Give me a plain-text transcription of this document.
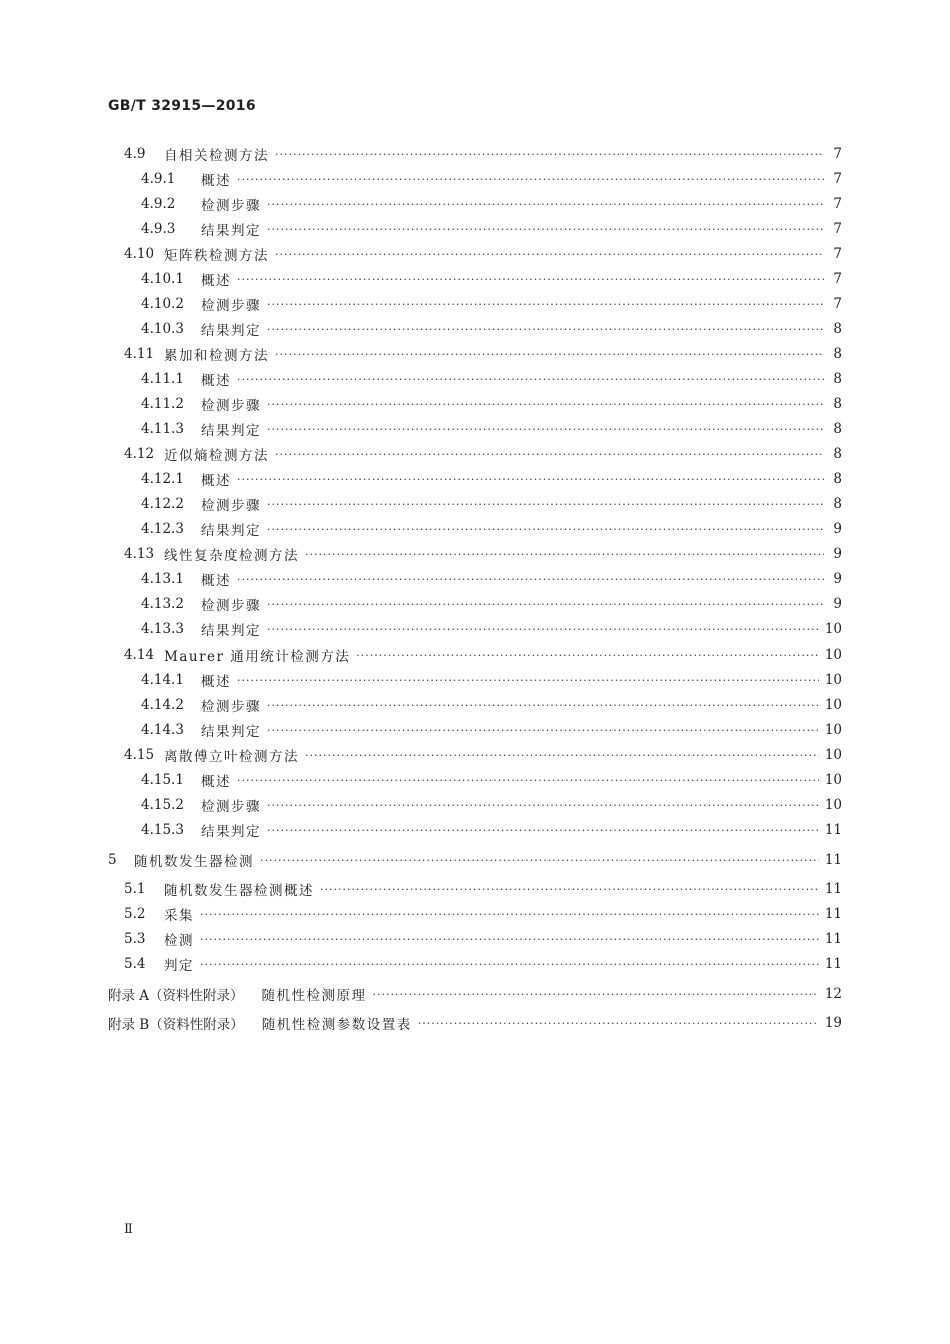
GB/T 32915—2016
4.9	自相关检测方法 ·····	7
4.9.1	概述 ·····	7
4.9.2	检测步骤 ·····	7
4.9.3	结果判定 ·····	7
4.10 矩阵秩检测方法 ·····	7
4.10.1	概述 ·····	7
4.10.2	检测步骤 ·····	7
4.10.3	结果判定 ·····	8
4.11 累加和检测方法 ·····	8
4.11.1	概述 ·····	8
4.11.2	检测步骤 ·····	8
4.11.3	结果判定 ·····	8
4.12 近似熵检测方法 ·····	8
4.12.1	概述 ·····	8
4.12.2	检测步骤 ·····	8
4.12.3	结果判定 ·····	9
4.13 线性复杂度检测方法 ·····	9
4.13.1	概述 ·····	9
4.13.2	检测步骤 ·····	9
4.13.3	结果判定 ·····	10
4.14 Maurer 通用统计检测方法 ·····	10
4.14.1	概述 ·····	10
4.14.2	检测步骤 ·····	10
4.14.3	结果判定 ·····	10
4.15 离散傅立叶检测方法 ·····	10
4.15.1	概述 ·····	10
4.15.2	检测步骤 ·····	10
4.15.3	结果判定 ·····	11
5	随机数发生器检测 ·····	11
5.1	随机数发生器检测概述 ·····	11
5.2	采集 ·····	11
5.3	检测 ·····	11
5.4	判定 ·····	11
附录 A（资料性附录） 随机性检测原理 ·····	12
附录 B（资料性附录） 随机性检测参数设置表 ·····	19
Ⅱ
